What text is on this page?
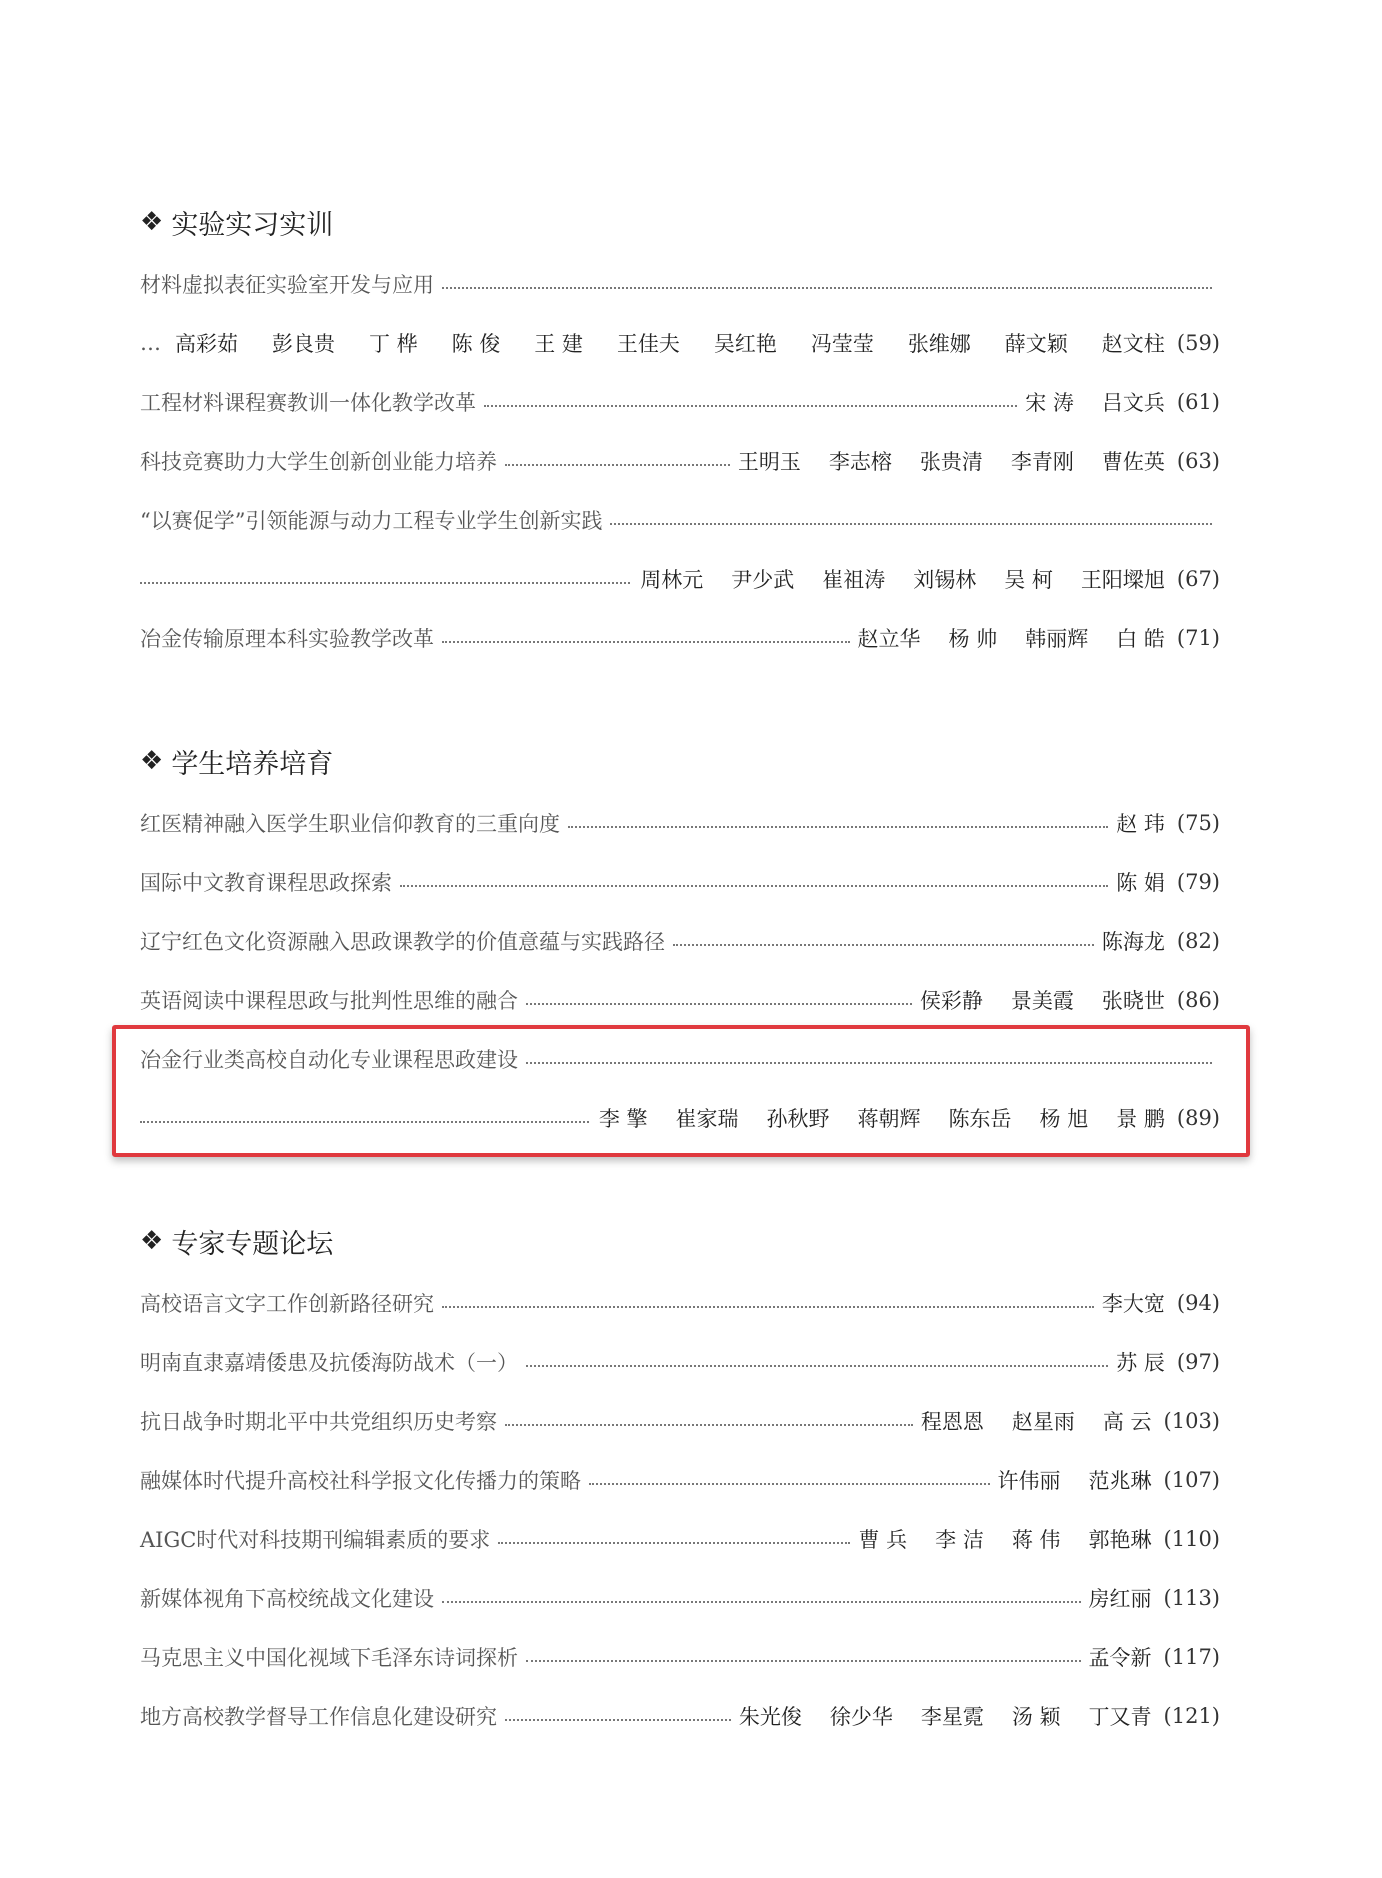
❖ 实验实习实训
材料虚拟表征实验室开发与应用
… 高彩茹 彭良贵 丁 桦 陈 俊 王 建 王佳夫 吴红艳 冯莹莹 张维娜 薛文颖 赵文柱 (59)
工程材料课程赛教训一体化教学改革	宋 涛 吕文兵 (61)
科技竞赛助力大学生创新创业能力培养	王明玉 李志榕 张贵清 李青刚 曹佐英 (63)
“以赛促学”引领能源与动力工程专业学生创新实践
周林元 尹少武 崔祖涛 刘锡林 吴 柯 王阳墚旭 (67)
冶金传输原理本科实验教学改革	赵立华 杨 帅 韩丽辉 白 皓 (71)
❖ 学生培养培育
红医精神融入医学生职业信仰教育的三重向度	赵 玮 (75)
国际中文教育课程思政探索	陈 娟 (79)
辽宁红色文化资源融入思政课教学的价值意蕴与实践路径	陈海龙 (82)
英语阅读中课程思政与批判性思维的融合	侯彩静 景美霞 张晓世 (86)
冶金行业类高校自动化专业课程思政建设
李 擎 崔家瑞 孙秋野 蒋朝辉 陈东岳 杨 旭 景 鹏 (89)
❖ 专家专题论坛
高校语言文字工作创新路径研究	李大宽 (94)
明南直隶嘉靖倭患及抗倭海防战术（一）	苏 辰 (97)
抗日战争时期北平中共党组织历史考察	程恩恩 赵星雨 高 云 (103)
融媒体时代提升高校社科学报文化传播力的策略	许伟丽 范兆琳 (107)
AIGC时代对科技期刊编辑素质的要求	曹 兵 李 洁 蒋 伟 郭艳琳 (110)
新媒体视角下高校统战文化建设	房红丽 (113)
马克思主义中国化视域下毛泽东诗词探析	孟令新 (117)
地方高校教学督导工作信息化建设研究	朱光俊 徐少华 李星霓 汤 颖 丁又青 (121)
